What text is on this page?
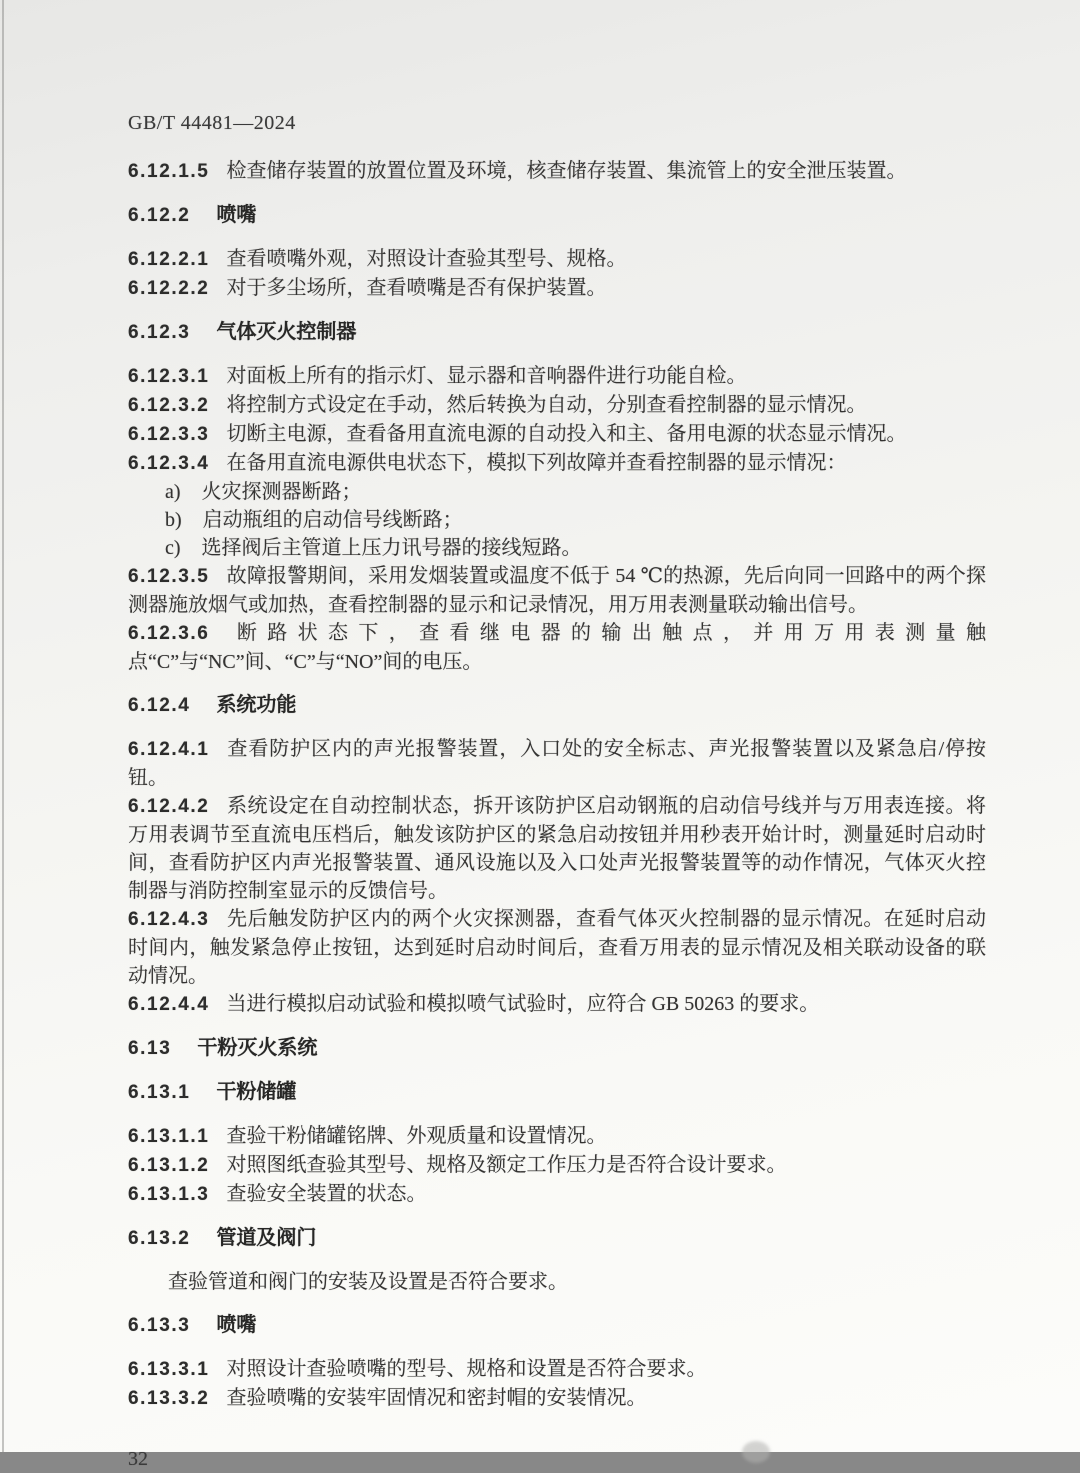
GB/T 44481—2024
6.12.1.5 检查储存装置的放置位置及环境，核查储存装置、集流管上的安全泄压装置。
6.12.2 喷嘴
6.12.2.1 查看喷嘴外观，对照设计查验其型号、规格。
6.12.2.2 对于多尘场所，查看喷嘴是否有保护装置。
6.12.3 气体灭火控制器
6.12.3.1 对面板上所有的指示灯、显示器和音响器件进行功能自检。
6.12.3.2 将控制方式设定在手动，然后转换为自动，分别查看控制器的显示情况。
6.12.3.3 切断主电源，查看备用直流电源的自动投入和主、备用电源的状态显示情况。
6.12.3.4 在备用直流电源供电状态下，模拟下列故障并查看控制器的显示情况：
a) 火灾探测器断路；
b) 启动瓶组的启动信号线断路；
c) 选择阀后主管道上压力讯号器的接线短路。
6.12.3.5 故障报警期间，采用发烟装置或温度不低于 54 ℃的热源，先后向同一回路中的两个探测器施放烟气或加热，查看控制器的显示和记录情况，用万用表测量联动输出信号。
6.12.3.6 断路状态下，查看继电器的输出触点，并用万用表测量触点“C”与“NC”间、“C”与“NO”间的电压。
6.12.4 系统功能
6.12.4.1 查看防护区内的声光报警装置，入口处的安全标志、声光报警装置以及紧急启/停按钮。
6.12.4.2 系统设定在自动控制状态，拆开该防护区启动钢瓶的启动信号线并与万用表连接。将万用表调节至直流电压档后，触发该防护区的紧急启动按钮并用秒表开始计时，测量延时启动时间，查看防护区内声光报警装置、通风设施以及入口处声光报警装置等的动作情况，气体灭火控制器与消防控制室显示的反馈信号。
6.12.4.3 先后触发防护区内的两个火灾探测器，查看气体灭火控制器的显示情况。在延时启动时间内，触发紧急停止按钮，达到延时启动时间后，查看万用表的显示情况及相关联动设备的联动情况。
6.12.4.4 当进行模拟启动试验和模拟喷气试验时，应符合 GB 50263 的要求。
6.13 干粉灭火系统
6.13.1 干粉储罐
6.13.1.1 查验干粉储罐铭牌、外观质量和设置情况。
6.13.1.2 对照图纸查验其型号、规格及额定工作压力是否符合设计要求。
6.13.1.3 查验安全装置的状态。
6.13.2 管道及阀门
查验管道和阀门的安装及设置是否符合要求。
6.13.3 喷嘴
6.13.3.1 对照设计查验喷嘴的型号、规格和设置是否符合要求。
6.13.3.2 查验喷嘴的安装牢固情况和密封帽的安装情况。
32
